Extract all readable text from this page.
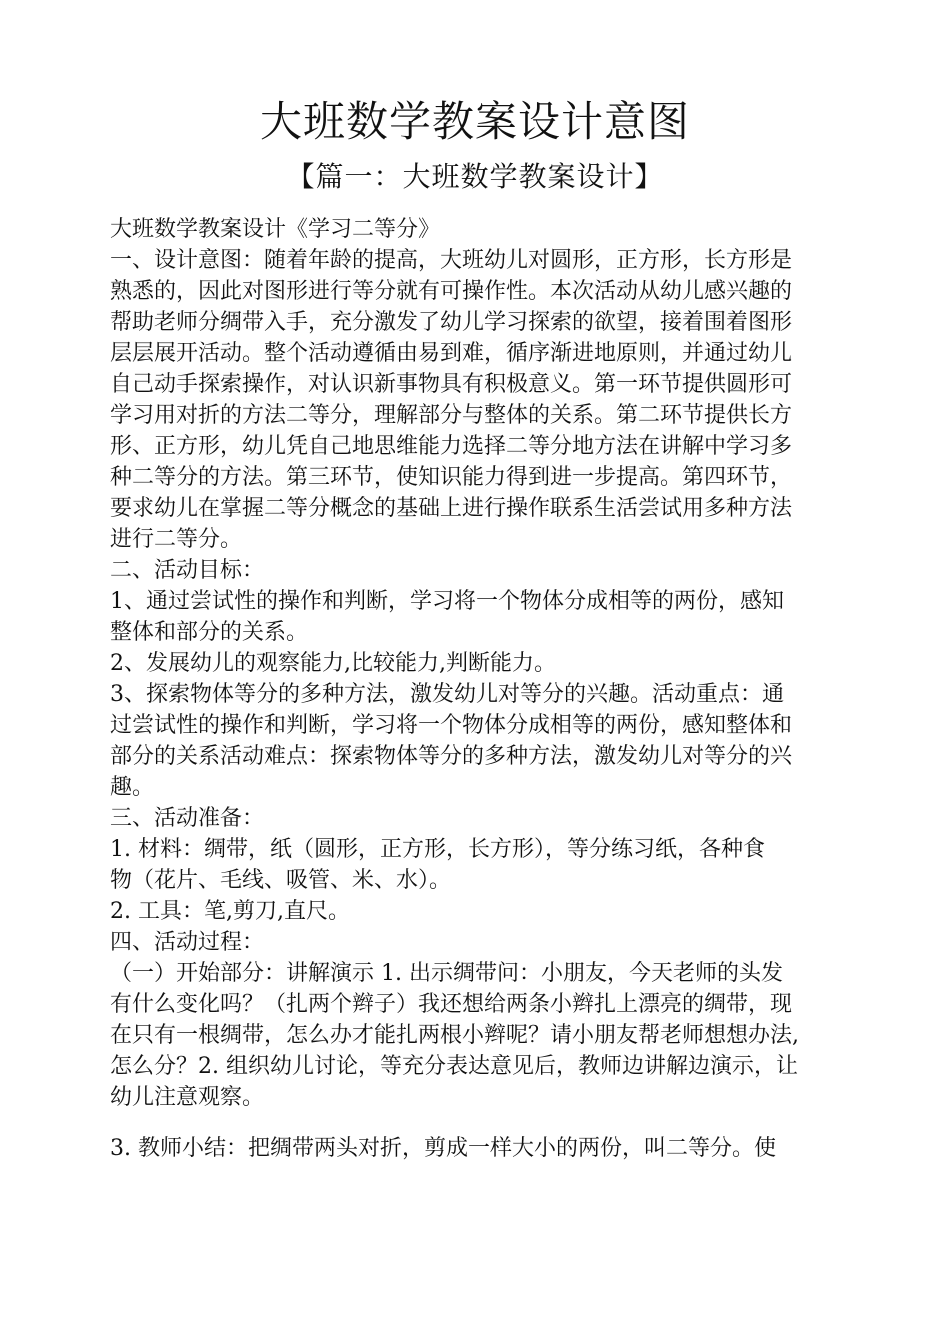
大班数学教案设计意图
【篇一：大班数学教案设计】
大班数学教案设计《学习二等分》
一、设计意图：随着年龄的提高，大班幼儿对圆形，正方形，长方形是
熟悉的，因此对图形进行等分就有可操作性。本次活动从幼儿感兴趣的
帮助老师分绸带入手，充分激发了幼儿学习探索的欲望，接着围着图形
层层展开活动。整个活动遵循由易到难，循序渐进地原则，并通过幼儿
自己动手探索操作，对认识新事物具有积极意义。第一环节提供圆形可
学习用对折的方法二等分，理解部分与整体的关系。第二环节提供长方
形、正方形，幼儿凭自己地思维能力选择二等分地方法在讲解中学习多
种二等分的方法。第三环节，使知识能力得到进一步提高。第四环节，
要求幼儿在掌握二等分概念的基础上进行操作联系生活尝试用多种方法
进行二等分。
二、活动目标：
1、通过尝试性的操作和判断，学习将一个物体分成相等的两份，感知
整体和部分的关系。
2、发展幼儿的观察能力,比较能力,判断能力。
3、探索物体等分的多种方法，激发幼儿对等分的兴趣。活动重点：通
过尝试性的操作和判断，学习将一个物体分成相等的两份，感知整体和
部分的关系活动难点：探索物体等分的多种方法，激发幼儿对等分的兴
趣。
三、活动准备：
1. 材料：绸带，纸（圆形，正方形，长方形），等分练习纸，各种食
物（花片、毛线、吸管、米、水）。
2. 工具：笔,剪刀,直尺。
四、活动过程：
（一）开始部分：讲解演示 1. 出示绸带问：小朋友，今天老师的头发
有什么变化吗？（扎两个辫子）我还想给两条小辫扎上漂亮的绸带，现
在只有一根绸带，怎么办才能扎两根小辫呢？请小朋友帮老师想想办法,
怎么分？2. 组织幼儿讨论，等充分表达意见后，教师边讲解边演示，让
幼儿注意观察。
3. 教师小结：把绸带两头对折，剪成一样大小的两份，叫二等分。使
